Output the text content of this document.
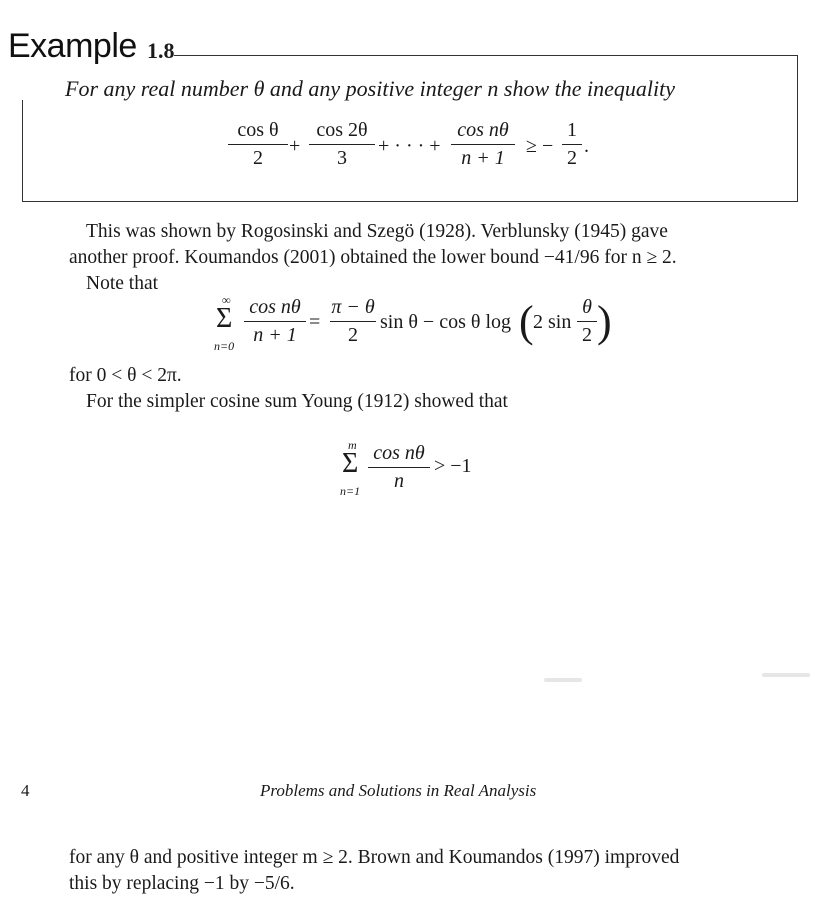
Example 1.8
For any real number θ and any positive integer n show the inequality
cos θ
2
+
cos 2θ
3
+ · · · +
cos nθ
n + 1
≥ −
1
2
.
This was shown by Rogosinski and Szegö (1928). Verblunsky (1945) gave
another proof. Koumandos (2001) obtained the lower bound −41/96 for n ≥ 2.
Note that
∞
Σ
n=0
cos nθ
n + 1
=
π − θ
2
sin θ − cos θ log ( 2 sin
θ
2 )
for 0 < θ < 2π.
For the simpler cosine sum Young (1912) showed that
m
Σ
n=1
cos nθ
n
> −1
4	Problems and Solutions in Real Analysis
for any θ and positive integer m ≥ 2. Brown and Koumandos (1997) improved
this by replacing −1 by −5/6.
